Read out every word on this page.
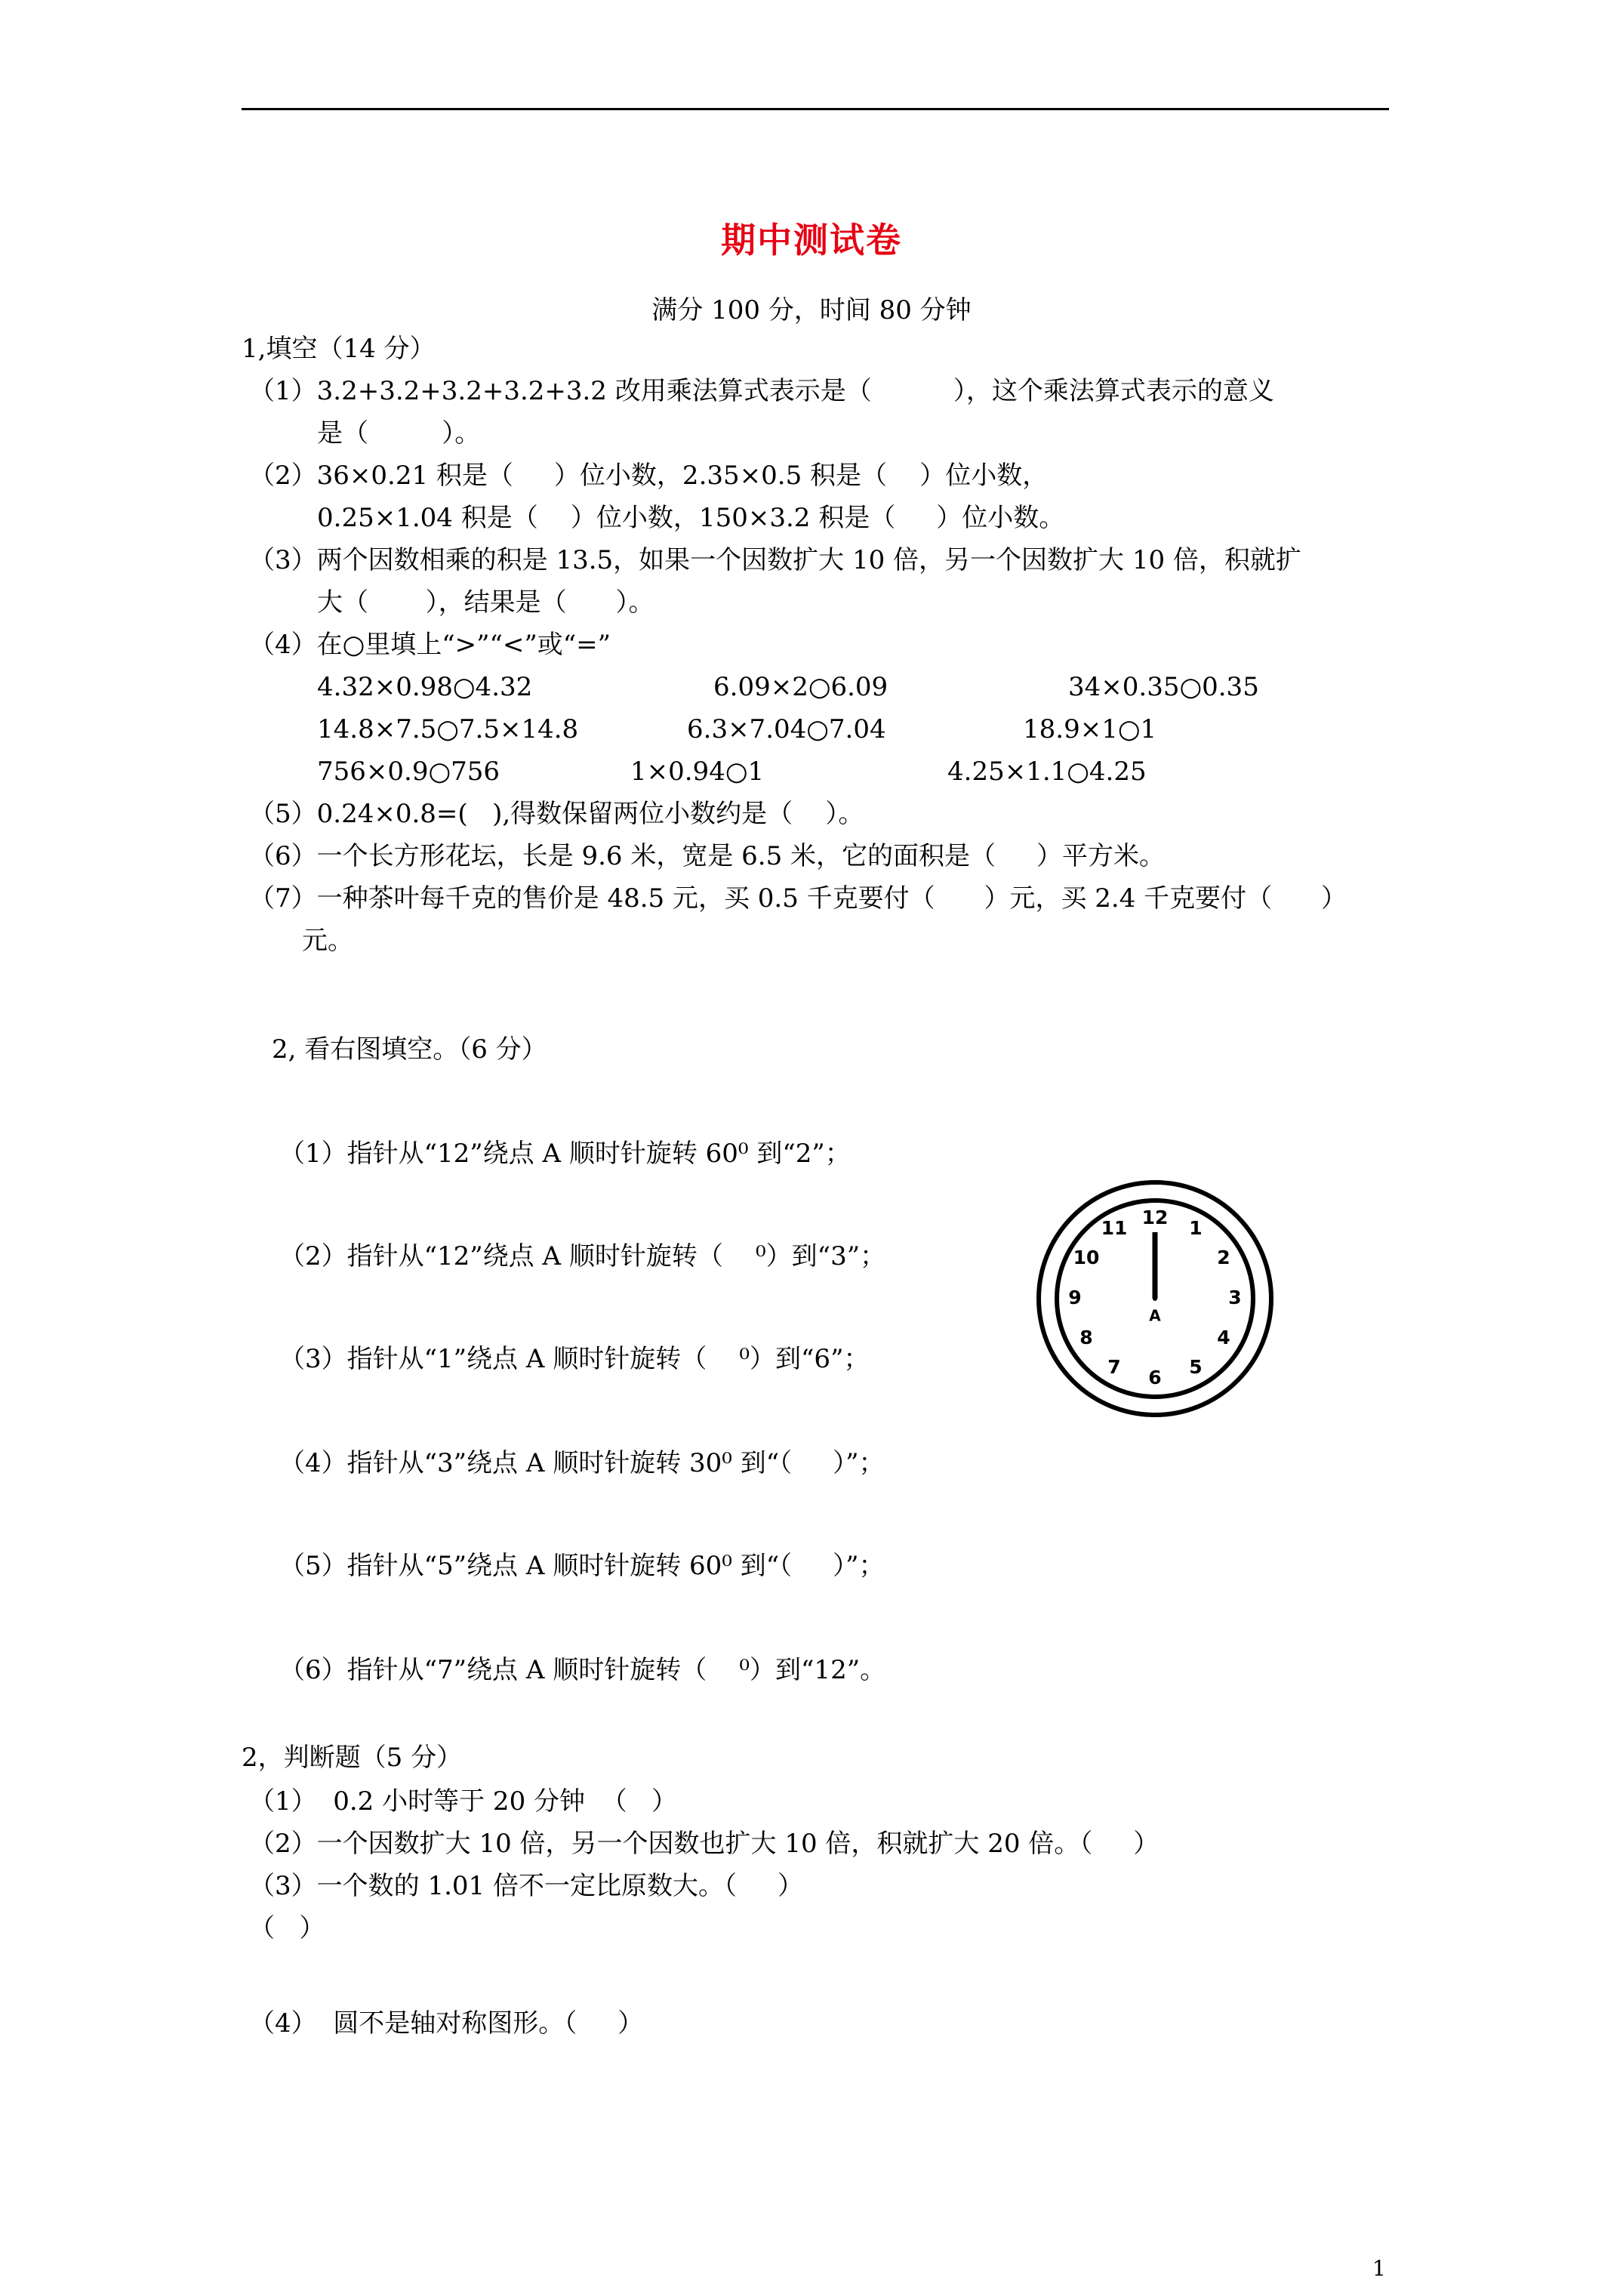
期中测试卷
满分 100 分，时间 80 分钟
1,填空（14 分）
（1）3.2+3.2+3.2+3.2+3.2 改用乘法算式表示是（          ），这个乘法算式表示的意义
是（         ）。
（2）36×0.21 积是（     ）位小数，2.35×0.5 积是（    ）位小数，
0.25×1.04 积是（    ）位小数，150×3.2 积是（     ）位小数。
（3）两个因数相乘的积是 13.5，如果一个因数扩大 10 倍，另一个因数扩大 10 倍，积就扩
大（       ），结果是（      ）。
（4）在○里填上“>”“<”或“=”
4.32×0.98○4.32	6.09×2○6.09	34×0.35○0.35
14.8×7.5○7.5×14.8	6.3×7.04○7.04	18.9×1○1
756×0.9○756	1×0.94○1	4.25×1.1○4.25
（5）0.24×0.8=(   ),得数保留两位小数约是（    ）。
（6）一个长方形花坛，长是 9.6 米，宽是 6.5 米，它的面积是（     ）平方米。
（7）一种茶叶每千克的售价是 48.5 元，买 0.5 千克要付（      ）元，买 2.4 千克要付（      ）
元。
2, 看右图填空。（6 分）
（1）指针从“12”绕点 A 顺时针旋转 60⁰ 到“2”；
（2）指针从“12”绕点 A 顺时针旋转（    ⁰）到“3”；
（3）指针从“1”绕点 A 顺时针旋转（    ⁰）到“6”；
（4）指针从“3”绕点 A 顺时针旋转 30⁰ 到“（     ）”；
（5）指针从“5”绕点 A 顺时针旋转 60⁰ 到“（     ）”；
（6）指针从“7”绕点 A 顺时针旋转（    ⁰）到“12”。
12 1
2
3
4
5
6
7
8
9
10
11
A
2，判断题（5 分）
（1）  0.2 小时等于 20 分钟  （   ）
（2）一个因数扩大 10 倍，另一个因数也扩大 10 倍，积就扩大 20 倍。（     ）
（3）一个数的 1.01 倍不一定比原数大。（     ）
（   ）
（4）  圆不是轴对称图形。（     ）
1
